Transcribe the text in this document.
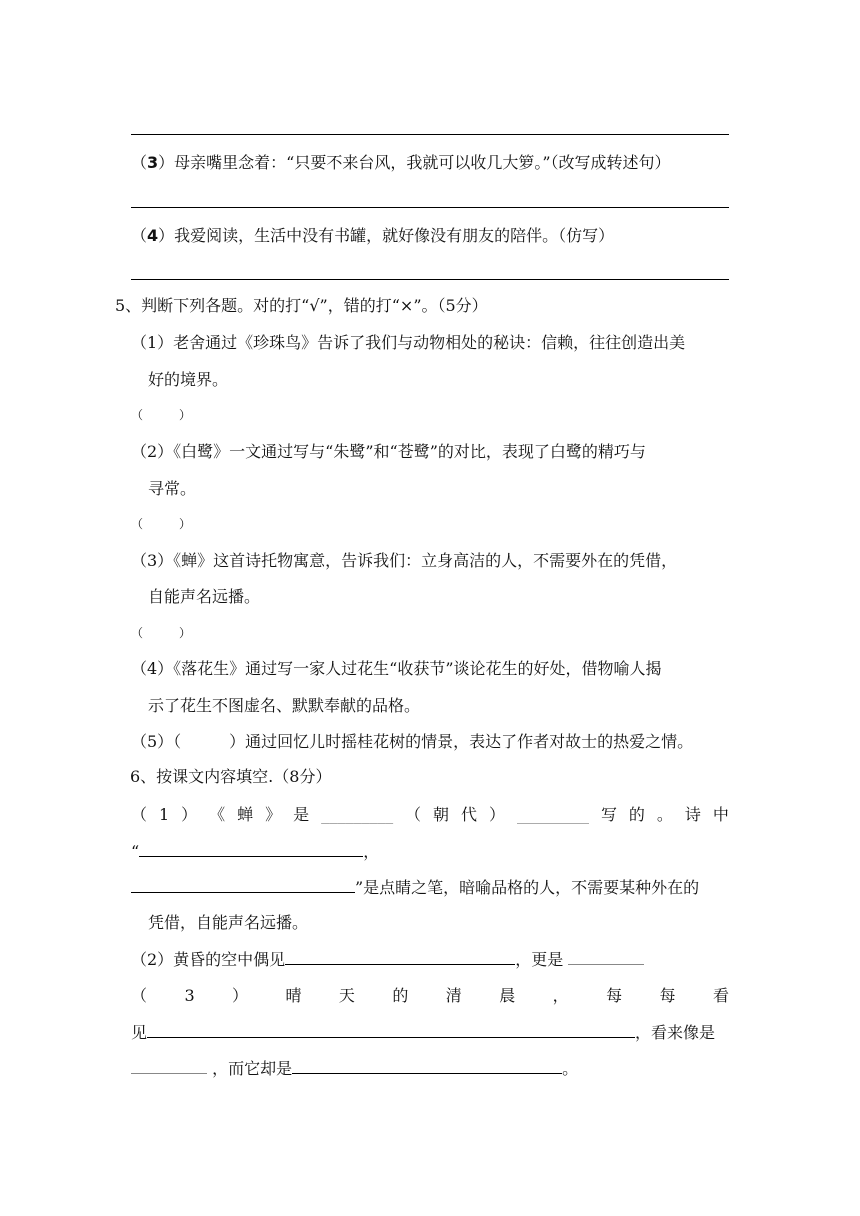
（3）母亲嘴里念着：“只要不来台风，我就可以收几大箩。”（改写成转述句）
（4）我爱阅读，生活中没有书罐，就好像没有朋友的陪伴。（仿写）
5、判断下列各题。对的打“√”，错的打“×”。（5分）
（1）老舍通过《珍珠鸟》告诉了我们与动物相处的秘诀：信赖，往往创造出美
好的境界。
（　　　）
（2）《白鹭》一文通过写与“朱鹭”和“苍鹭”的对比，表现了白鹭的精巧与
寻常。
（　　　）
（3）《蝉》这首诗托物寓意，告诉我们：立身高洁的人，不需要外在的凭借，
自能声名远播。
（　　　）
（4）《落花生》通过写一家人过花生“收获节”谈论花生的好处，借物喻人揭
示了花生不图虚名、默默奉献的品格。
（5）（　　　）通过回忆儿时摇桂花树的情景，表达了作者对故士的热爱之情。
6、按课文内容填空.（8分）
（ 1 ） 《 蝉 》 是 _________ （ 朝 代 ） _________ 写 的 。 诗 中
“	，
”是点睛之笔，暗喻品格的人，不需要某种外在的
凭借，自能声名远播。
（2）黄昏的空中偶见	，更是
（ 3 ） 晴 天 的 清 晨 ， 每 每 看
见	，看来像是
，而它却是	。
